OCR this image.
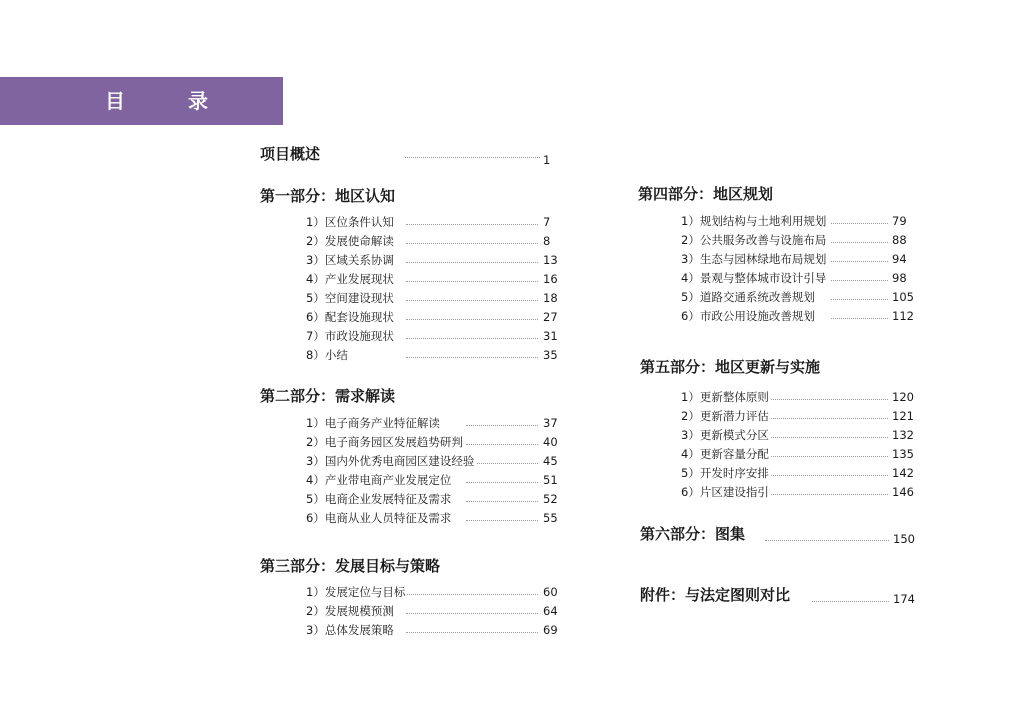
目 录
项目概述	1
第一部分：地区认知
1）区位条件认知	7
2）发展使命解读	8
3）区域关系协调	13
4）产业发展现状	16
5）空间建设现状	18
6）配套设施现状	27
7）市政设施现状	31
8）小结	35
第二部分：需求解读
1）电子商务产业特征解读	37
2）电子商务园区发展趋势研判	40
3）国内外优秀电商园区建设经验	45
4）产业带电商产业发展定位	51
5）电商企业发展特征及需求	52
6）电商从业人员特征及需求	55
第三部分：发展目标与策略
1）发展定位与目标	60
2）发展规模预测	64
3）总体发展策略	69
第四部分：地区规划
1）规划结构与土地利用规划	79
2）公共服务改善与设施布局	88
3）生态与园林绿地布局规划	94
4）景观与整体城市设计引导	98
5）道路交通系统改善规划	105
6）市政公用设施改善规划	112
第五部分：地区更新与实施
1）更新整体原则	120
2）更新潜力评估	121
3）更新模式分区	132
4）更新容量分配	135
5）开发时序安排	142
6）片区建设指引	146
第六部分：图集	150
附件：与法定图则对比	174
